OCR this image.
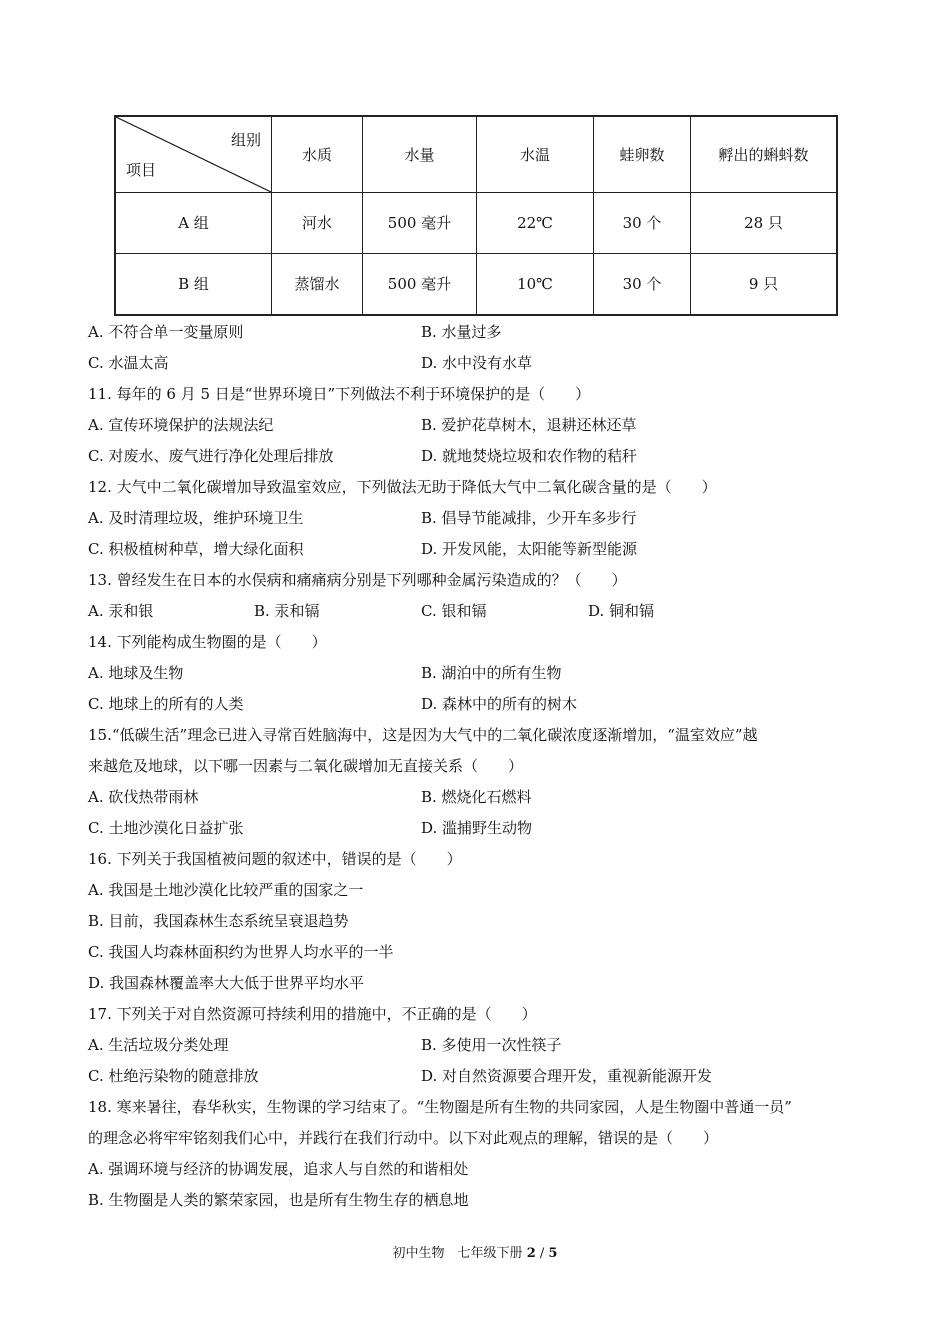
组别
项目	水质	水量	水温	蛙卵数	孵出的蝌蚪数
A 组	河水	500 毫升	22℃	30 个	28 只
B 组	蒸馏水	500 毫升	10℃	30 个	9 只
A. 不符合单一变量原则	B. 水量过多
C. 水温太高	D. 水中没有水草
11. 每年的 6 月 5 日是“世界环境日”下列做法不利于环境保护的是（　　）
A. 宣传环境保护的法规法纪	B. 爱护花草树木，退耕还林还草
C. 对废水、废气进行净化处理后排放	D. 就地焚烧垃圾和农作物的秸秆
12. 大气中二氧化碳增加导致温室效应，下列做法无助于降低大气中二氧化碳含量的是（　　）
A. 及时清理垃圾，维护环境卫生	B. 倡导节能减排，少开车多步行
C. 积极植树种草，增大绿化面积	D. 开发风能，太阳能等新型能源
13. 曾经发生在日本的水俣病和痛痛病分别是下列哪种金属污染造成的？（　　）
A. 汞和银	B. 汞和镉	C. 银和镉	D. 铜和镉
14. 下列能构成生物圈的是（　　）
A. 地球及生物	B. 湖泊中的所有生物
C. 地球上的所有的人类	D. 森林中的所有的树木
15.“低碳生活”理念已进入寻常百姓脑海中，这是因为大气中的二氧化碳浓度逐渐增加，“温室效应”越
来越危及地球，以下哪一因素与二氧化碳增加无直接关系（　　）
A. 砍伐热带雨林	B. 燃烧化石燃料
C. 土地沙漠化日益扩张	D. 滥捕野生动物
16. 下列关于我国植被问题的叙述中，错误的是（　　）
A. 我国是土地沙漠化比较严重的国家之一
B. 目前，我国森林生态系统呈衰退趋势
C. 我国人均森林面积约为世界人均水平的一半
D. 我国森林覆盖率大大低于世界平均水平
17. 下列关于对自然资源可持续利用的措施中，不正确的是（　　）
A. 生活垃圾分类处理	B. 多使用一次性筷子
C. 杜绝污染物的随意排放	D. 对自然资源要合理开发，重视新能源开发
18. 寒来暑往，春华秋实，生物课的学习结束了。“生物圈是所有生物的共同家园，人是生物圈中普通一员”
的理念必将牢牢铭刻我们心中，并践行在我们行动中。以下对此观点的理解，错误的是（　　）
A. 强调环境与经济的协调发展，追求人与自然的和谐相处
B. 生物圈是人类的繁荣家园，也是所有生物生存的栖息地
初中生物　七年级下册 2 / 5
